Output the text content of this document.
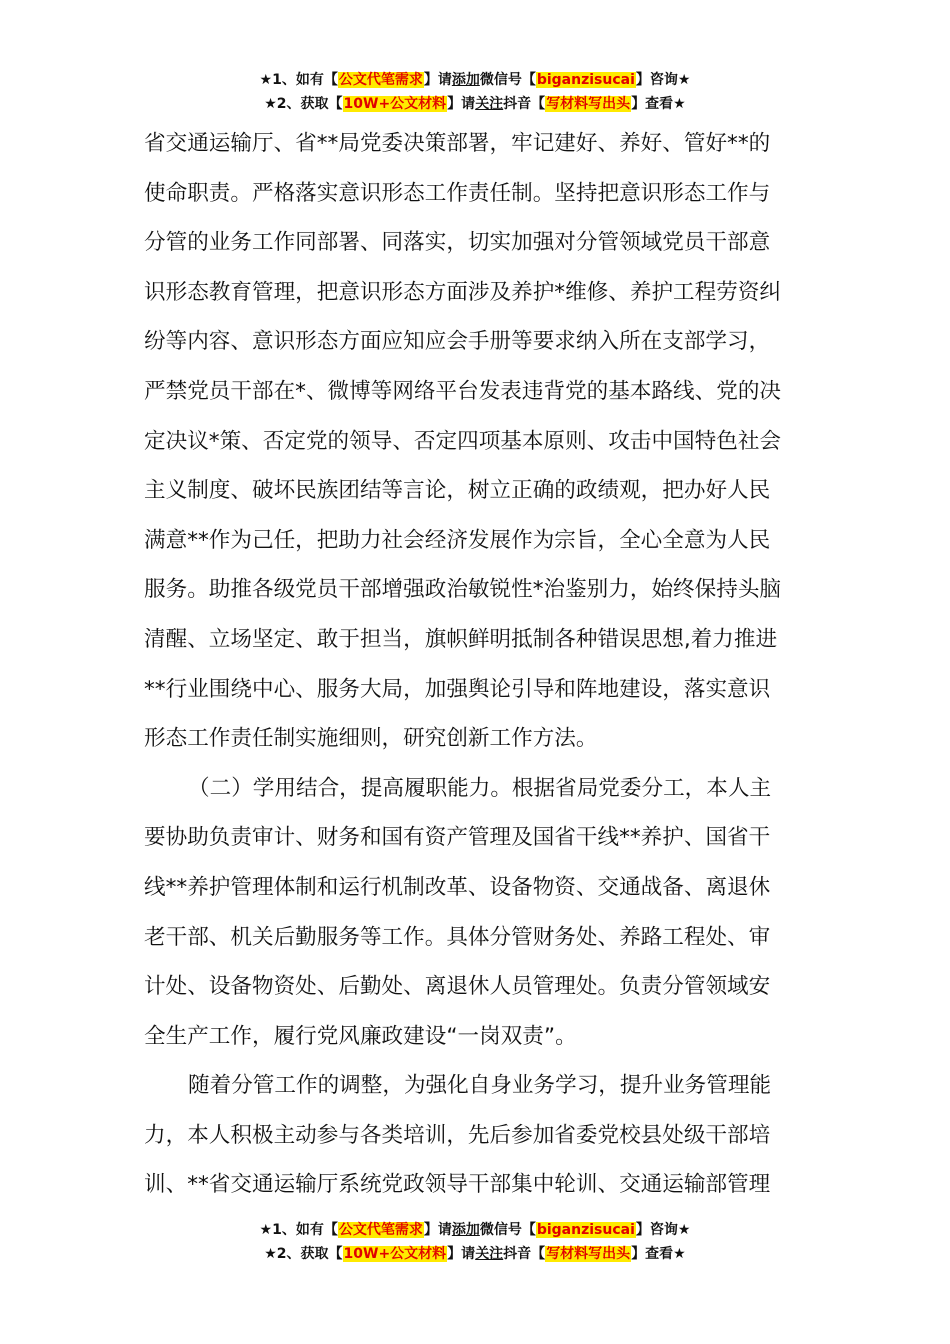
★1、如有【公文代笔需求】请添加微信号【biganzisucai】咨询★
★2、获取【10W+公文材料】请关注抖音【写材料写出头】查看★
省交通运输厅、省**局党委决策部署，牢记建好、养好、管好**的
使命职责。严格落实意识形态工作责任制。坚持把意识形态工作与
分管的业务工作同部署、同落实，切实加强对分管领域党员干部意
识形态教育管理，把意识形态方面涉及养护*维修、养护工程劳资纠
纷等内容、意识形态方面应知应会手册等要求纳入所在支部学习，
严禁党员干部在*、微博等网络平台发表违背党的基本路线、党的决
定决议*策、否定党的领导、否定四项基本原则、攻击中国特色社会
主义制度、破坏民族团结等言论，树立正确的政绩观，把办好人民
满意**作为己任，把助力社会经济发展作为宗旨，全心全意为人民
服务。助推各级党员干部增强政治敏锐性*治鉴别力，始终保持头脑
清醒、立场坚定、敢于担当，旗帜鲜明抵制各种错误思想,着力推进
**行业围绕中心、服务大局，加强舆论引导和阵地建设，落实意识
形态工作责任制实施细则，研究创新工作方法。
（二）学用结合，提高履职能力。根据省局党委分工，本人主
要协助负责审计、财务和国有资产管理及国省干线**养护、国省干
线**养护管理体制和运行机制改革、设备物资、交通战备、离退休
老干部、机关后勤服务等工作。具体分管财务处、养路工程处、审
计处、设备物资处、后勤处、离退休人员管理处。负责分管领域安
全生产工作，履行党风廉政建设“一岗双责”。
随着分管工作的调整，为强化自身业务学习，提升业务管理能
力，本人积极主动参与各类培训，先后参加省委党校县处级干部培
训、**省交通运输厅系统党政领导干部集中轮训、交通运输部管理
★1、如有【公文代笔需求】请添加微信号【biganzisucai】咨询★
★2、获取【10W+公文材料】请关注抖音【写材料写出头】查看★
